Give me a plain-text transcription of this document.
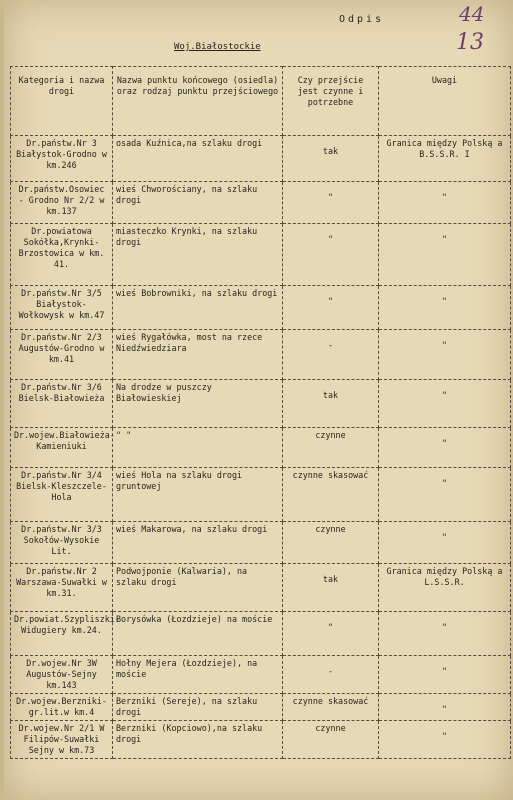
Odpis	44
13
Woj.Białostockie
Kategoria i nazwa drogi	Nazwa punktu końcowego (osiedla) oraz rodzaj punktu przejściowego	Czy przejście jest czynne i potrzebne	Uwagi
Dr.państw.Nr 3 Białystok-Grodno w km.246	osada Kuźnica,na szlaku drogi	tak	Granica między Polską a B.S.S.R. I
Dr.państw.Osowiec - Grodno Nr 2/2 w km.137	wieś Chworościany, na szlaku drogi	"	"
Dr.powiatowa Sokółka,Krynki-Brzostowica w km. 41.	miasteczko Krynki, na szlaku drogi	"	"
Dr.państw.Nr 3/5 Białystok- Wołkowysk w km.47	wieś Bobrowniki, na szlaku drogi	"	"
Dr.państw.Nr 2/3 Augustów-Grodno w km.41	wieś Rygałówka, most na rzece Niedźwiedziara	-	"
Dr.państw.Nr 3/6 Bielsk-Białowieża	Na drodze w puszczy Białowieskiej	tak	"
Dr.wojew.Białowieża-Kamieniuki	" "	czynne	"
Dr.państw.Nr 3/4 Bielsk-Kleszczele-Hola	wieś Hola na szlaku drogi gruntowej	czynne skasować	"
Dr.państw.Nr 3/3 Sokołów-Wysokie Lit.	wieś Makarowa, na szlaku drogi	czynne	"
Dr.państw.Nr 2 Warszawa-Suwałki w km.31.	Podwojponie (Kalwaria), na szlaku drogi	tak	Granica między Polską a L.S.S.R.
Dr.powiat.Szypliszki-Widugiery km.24.	Borysówka (Łozdzieje) na moście	"	"
Dr.wojew.Nr 3W Augustów-Sejny km.143	Hołny Mejera (Łozdzieje), na moście	-	"
Dr.wojew.Berzniki-gr.lit.w km.4	Berzniki (Sereje), na szlaku drogi	czynne skasować	"
Dr.wojew.Nr 2/1 W Filipów-Suwałki Sejny w km.73	Berzniki (Kopciowo),na szlaku drogi	czynne	"
